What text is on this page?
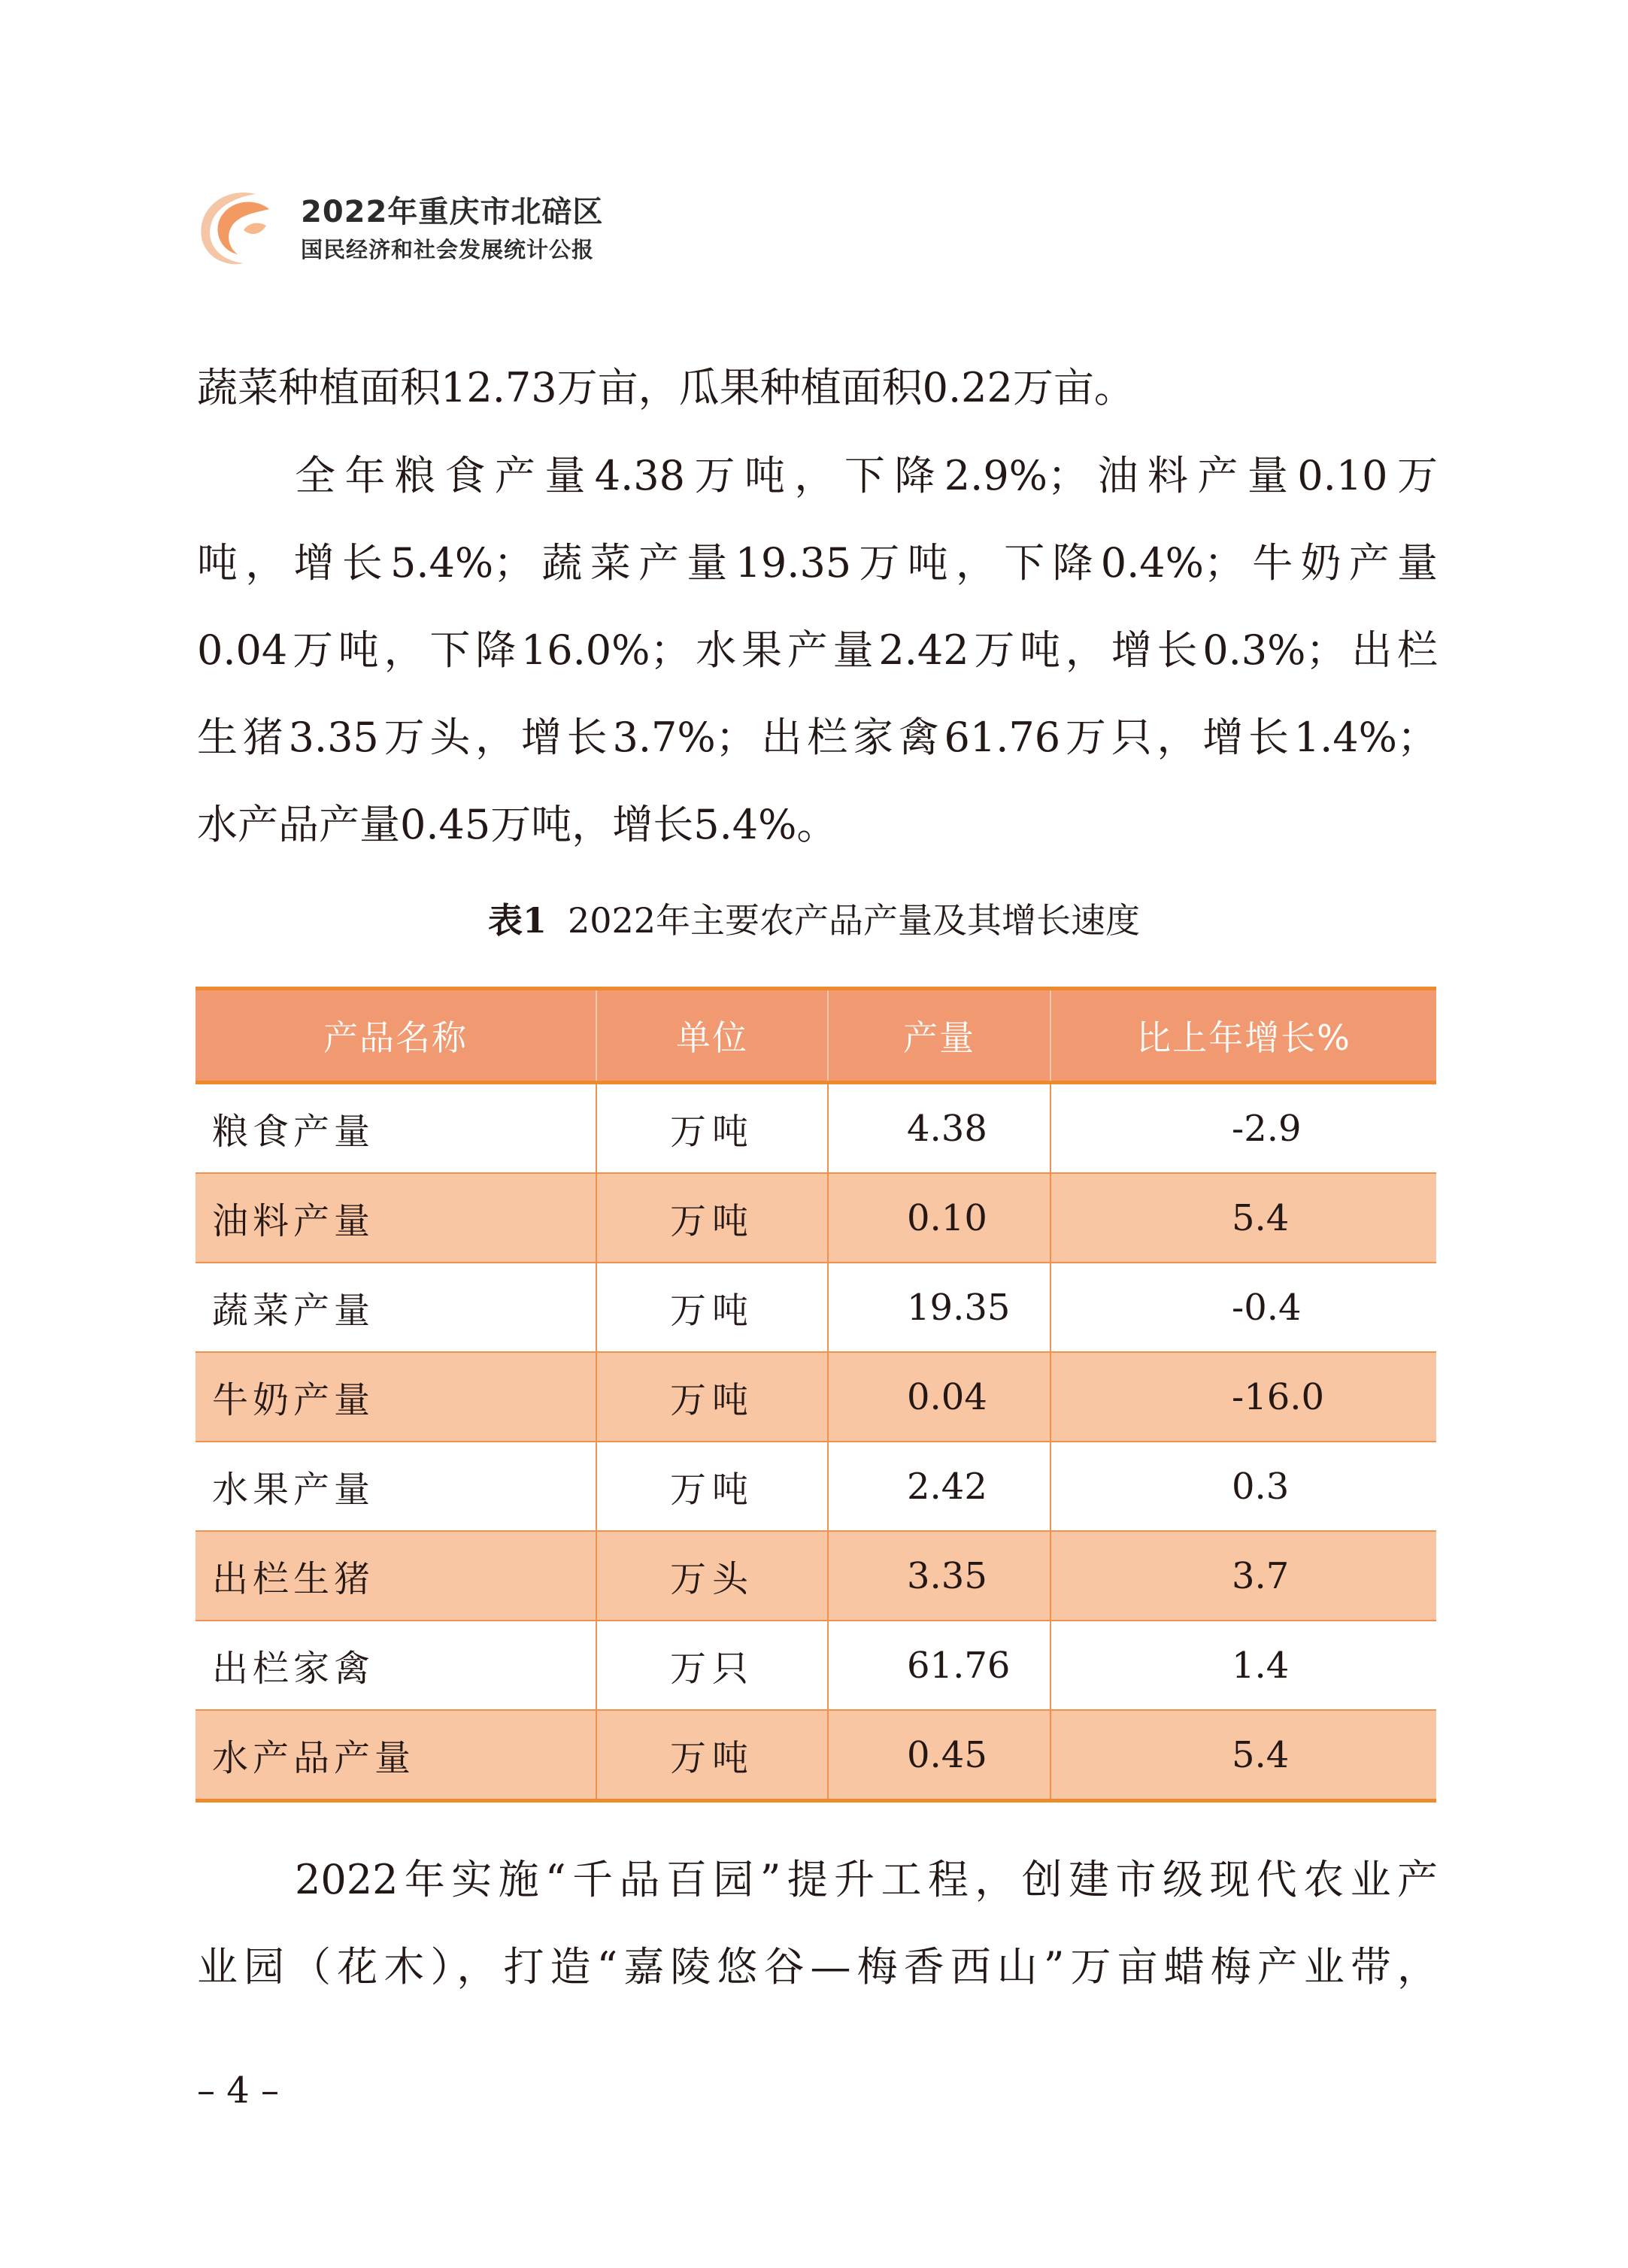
2022年重庆市北碚区
国民经济和社会发展统计公报
蔬菜种植面积12.73万亩，瓜果种植面积0.22万亩。
全年粮食产量4.38万吨，下降2.9%；油料产量0.10万
吨，增长5.4%；蔬菜产量19.35万吨，下降0.4%；牛奶产量
0.04万吨，下降16.0%；水果产量2.42万吨，增长0.3%；出栏
生猪3.35万头，增长3.7%；出栏家禽61.76万只，增长1.4%；
水产品产量0.45万吨，增长5.4%。
表1 2022年主要农产品产量及其增长速度
产品名称	单位	产量	比上年增长%
粮食产量	万吨	4.38	-2.9
油料产量	万吨	0.10	5.4
蔬菜产量	万吨	19.35	-0.4
牛奶产量	万吨	0.04	-16.0
水果产量	万吨	2.42	0.3
出栏生猪	万头	3.35	3.7
出栏家禽	万只	61.76	1.4
水产品产量	万吨	0.45	5.4
2022年实施“千品百园”提升工程，创建市级现代农业产
业园（花木），打造“嘉陵悠谷—梅香西山”万亩蜡梅产业带，
– 4 –
